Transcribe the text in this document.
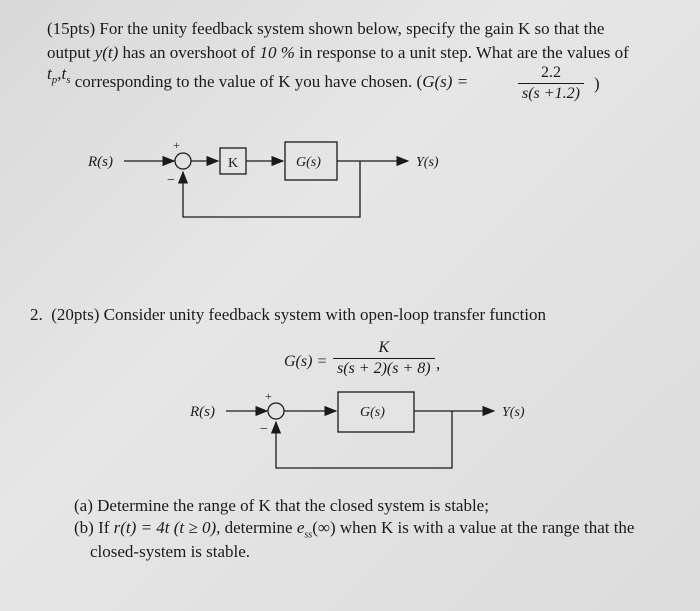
(15pts) For the unity feedback system shown below, specify the gain K so that the
output y(t) has an overshoot of 10 % in response to a unit step. What are the values of
$t_p,t_s$ corresponding to the value of K you have chosen. (G(s) =	2.2
s(s +1.2)
)
R(s)
+
−
K	G(s)	Y(s)
R(s)
+
−
G(s)	Y(s)
2. (20pts) Consider unity feedback system with open-loop transfer function
G(s) =
K
s(s + 2)(s + 8) ,
(a) Determine the range of K that the closed system is stable;
(b) If r(t) = 4t (t ≥ 0), determine $e_{ss}(\infty)$ when K is with a value at the range that the
closed-system is stable.
